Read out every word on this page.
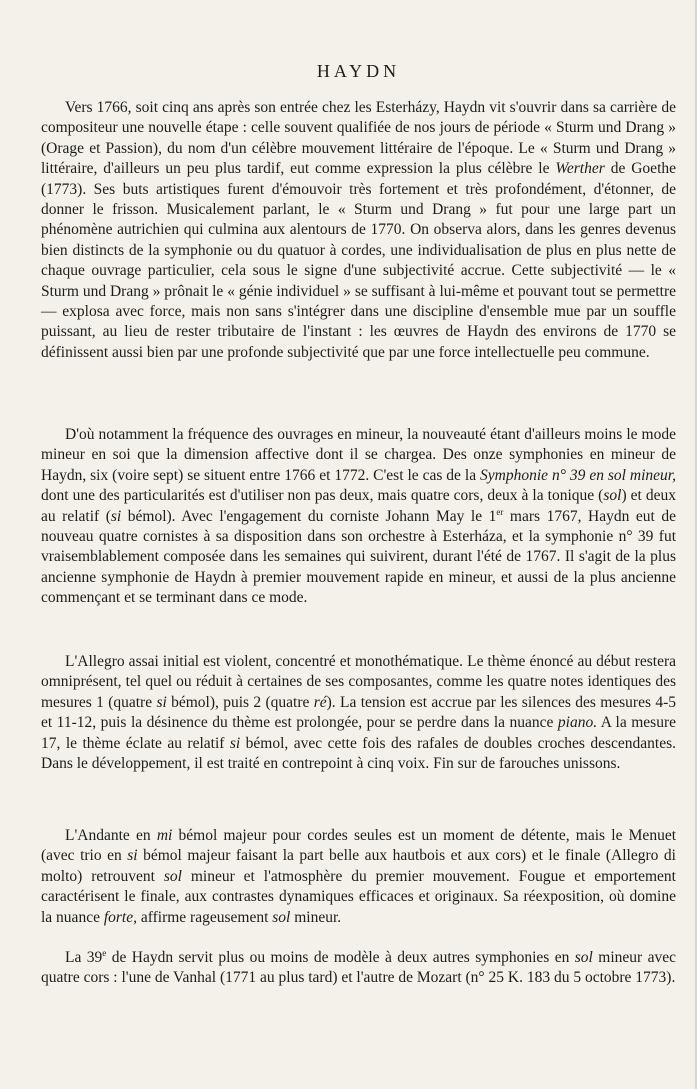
HAYDN

Vers 1766, soit cinq ans après son entrée chez les Esterházy, Haydn vit s'ouvrir dans sa carrière de compositeur une nouvelle étape : celle souvent qualifiée de nos jours de période « Sturm und Drang » (Orage et Passion), du nom d'un célèbre mouvement littéraire de l'époque. Le « Sturm und Drang » littéraire, d'ailleurs un peu plus tardif, eut comme expression la plus célèbre le Werther de Goethe (1773). Ses buts artistiques furent d'émouvoir très fortement et très profondément, d'étonner, de donner le frisson. Musicalement parlant, le « Sturm und Drang » fut pour une large part un phénomène autrichien qui culmina aux alentours de 1770. On observa alors, dans les genres devenus bien distincts de la symphonie ou du quatuor à cordes, une individualisation de plus en plus nette de chaque ouvrage particulier, cela sous le signe d'une subjectivité accrue. Cette subjectivité — le « Sturm und Drang » prônait le « génie individuel » se suffisant à lui-même et pouvant tout se permettre — explosa avec force, mais non sans s'intégrer dans une discipline d'ensemble mue par un souffle puissant, au lieu de rester tributaire de l'instant : les œuvres de Haydn des environs de 1770 se définissent aussi bien par une profonde subjectivité que par une force intellectuelle peu commune.

D'où notamment la fréquence des ouvrages en mineur, la nouveauté étant d'ailleurs moins le mode mineur en soi que la dimension affective dont il se chargea. Des onze symphonies en mineur de Haydn, six (voire sept) se situent entre 1766 et 1772. C'est le cas de la Symphonie n° 39 en sol mineur, dont une des particularités est d'utiliser non pas deux, mais quatre cors, deux à la tonique (sol) et deux au relatif (si bémol). Avec l'engagement du corniste Johann May le 1er mars 1767, Haydn eut de nouveau quatre cornistes à sa disposition dans son orchestre à Esterháza, et la symphonie n° 39 fut vraisemblablement composée dans les semaines qui suivirent, durant l'été de 1767. Il s'agit de la plus ancienne symphonie de Haydn à premier mouvement rapide en mineur, et aussi de la plus ancienne commençant et se terminant dans ce mode.

L'Allegro assai initial est violent, concentré et monothématique. Le thème énoncé au début restera omniprésent, tel quel ou réduit à certaines de ses composantes, comme les quatre notes identiques des mesures 1 (quatre si bémol), puis 2 (quatre ré). La tension est accrue par les silences des mesures 4-5 et 11-12, puis la désinence du thème est prolongée, pour se perdre dans la nuance piano. A la mesure 17, le thème éclate au relatif si bémol, avec cette fois des rafales de doubles croches descendantes. Dans le développement, il est traité en contrepoint à cinq voix. Fin sur de farouches unissons.

L'Andante en mi bémol majeur pour cordes seules est un moment de détente, mais le Menuet (avec trio en si bémol majeur faisant la part belle aux hautbois et aux cors) et le finale (Allegro di molto) retrouvent sol mineur et l'atmosphère du premier mouvement. Fougue et emportement caractérisent le finale, aux contrastes dynamiques efficaces et originaux. Sa réexposition, où domine la nuance forte, affirme rageusement sol mineur.

La 39e de Haydn servit plus ou moins de modèle à deux autres symphonies en sol mineur avec quatre cors : l'une de Vanhal (1771 au plus tard) et l'autre de Mozart (n° 25 K. 183 du 5 octobre 1773).
